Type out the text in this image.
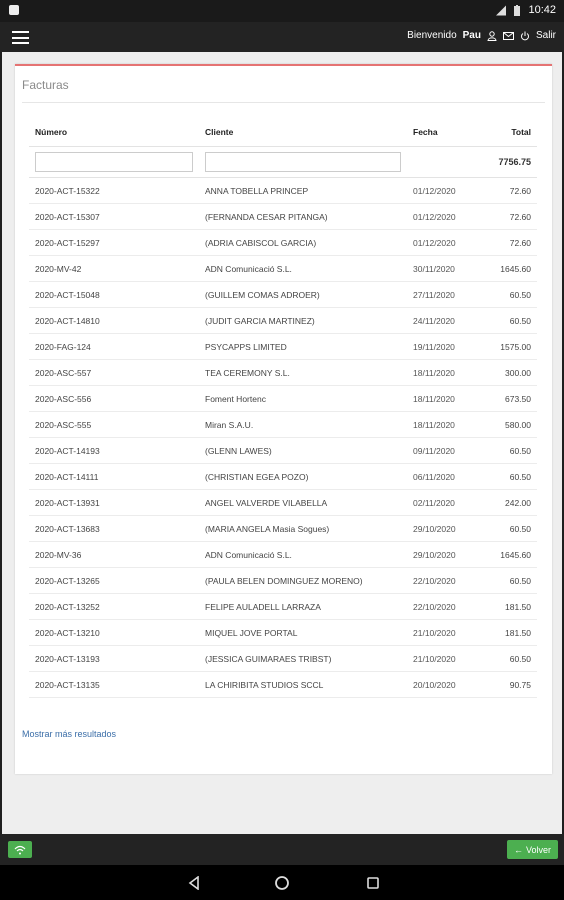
10:42
Bienvenido Pau	Salir
Facturas
Número	Cliente	Fecha	Total
			7756.75
2020-ACT-15322	ANNA TOBELLA PRINCEP	01/12/2020	72.60
2020-ACT-15307	(FERNANDA CESAR PITANGA)	01/12/2020	72.60
2020-ACT-15297	(ADRIA CABISCOL GARCIA)	01/12/2020	72.60
2020-MV-42	ADN Comunicació S.L.	30/11/2020	1645.60
2020-ACT-15048	(GUILLEM COMAS ADROER)	27/11/2020	60.50
2020-ACT-14810	(JUDIT GARCIA MARTINEZ)	24/11/2020	60.50
2020-FAG-124	PSYCAPPS LIMITED	19/11/2020	1575.00
2020-ASC-557	TEA CEREMONY S.L.	18/11/2020	300.00
2020-ASC-556	Foment Hortenc	18/11/2020	673.50
2020-ASC-555	Miran S.A.U.	18/11/2020	580.00
2020-ACT-14193	(GLENN LAWES)	09/11/2020	60.50
2020-ACT-14111	(CHRISTIAN EGEA POZO)	06/11/2020	60.50
2020-ACT-13931	ANGEL VALVERDE VILABELLA	02/11/2020	242.00
2020-ACT-13683	(MARIA ANGELA Masia Sogues)	29/10/2020	60.50
2020-MV-36	ADN Comunicació S.L.	29/10/2020	1645.60
2020-ACT-13265	(PAULA BELEN DOMINGUEZ MORENO)	22/10/2020	60.50
2020-ACT-13252	FELIPE AULADELL LARRAZA	22/10/2020	181.50
2020-ACT-13210	MIQUEL JOVE PORTAL	21/10/2020	181.50
2020-ACT-13193	(JESSICA GUIMARAES TRIBST)	21/10/2020	60.50
2020-ACT-13135	LA CHIRIBITA STUDIOS SCCL	20/10/2020	90.75
Mostrar más resultados
← Volver
